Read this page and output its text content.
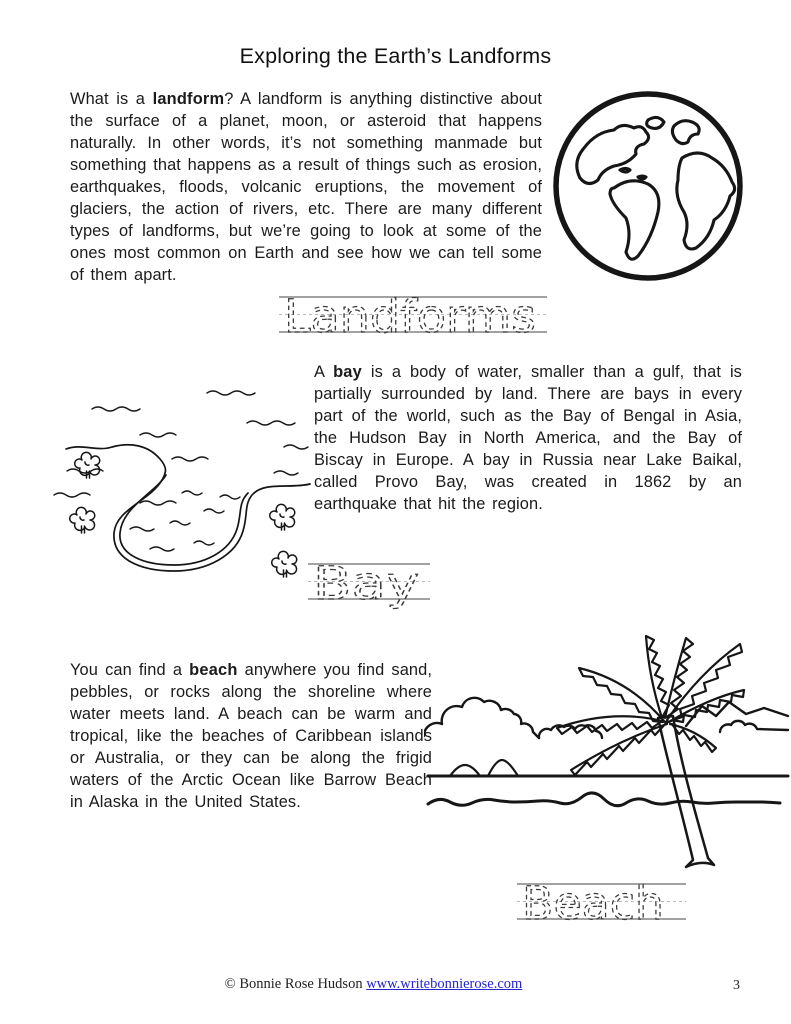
Exploring the Earth’s Landforms
What is a landform? A landform is anything distinctive about the surface of a planet, moon, or asteroid that happens naturally. In other words, it’s not something manmade but something that happens as a result of things such as erosion, earthquakes, floods, volcanic eruptions, the movement of glaciers, the action of rivers, etc. There are many different types of landforms, but we’re going to look at some of the ones most common on Earth and see how we can tell some of them apart.
Landforms
A bay is a body of water, smaller than a gulf, that is partially surrounded by land. There are bays in every part of the world, such as the Bay of Bengal in Asia, the Hudson Bay in North America, and the Bay of Biscay in Europe. A bay in Russia near Lake Baikal, called Provo Bay, was created in 1862 by an earthquake that hit the region.
Bay
You can find a beach anywhere you find sand, pebbles, or rocks along the shoreline where water meets land. A beach can be warm and tropical, like the beaches of Caribbean islands or Australia, or they can be along the frigid waters of the Arctic Ocean like Barrow Beach in Alaska in the United States.
Beach
© Bonnie Rose Hudson www.writebonnierose.com	3
